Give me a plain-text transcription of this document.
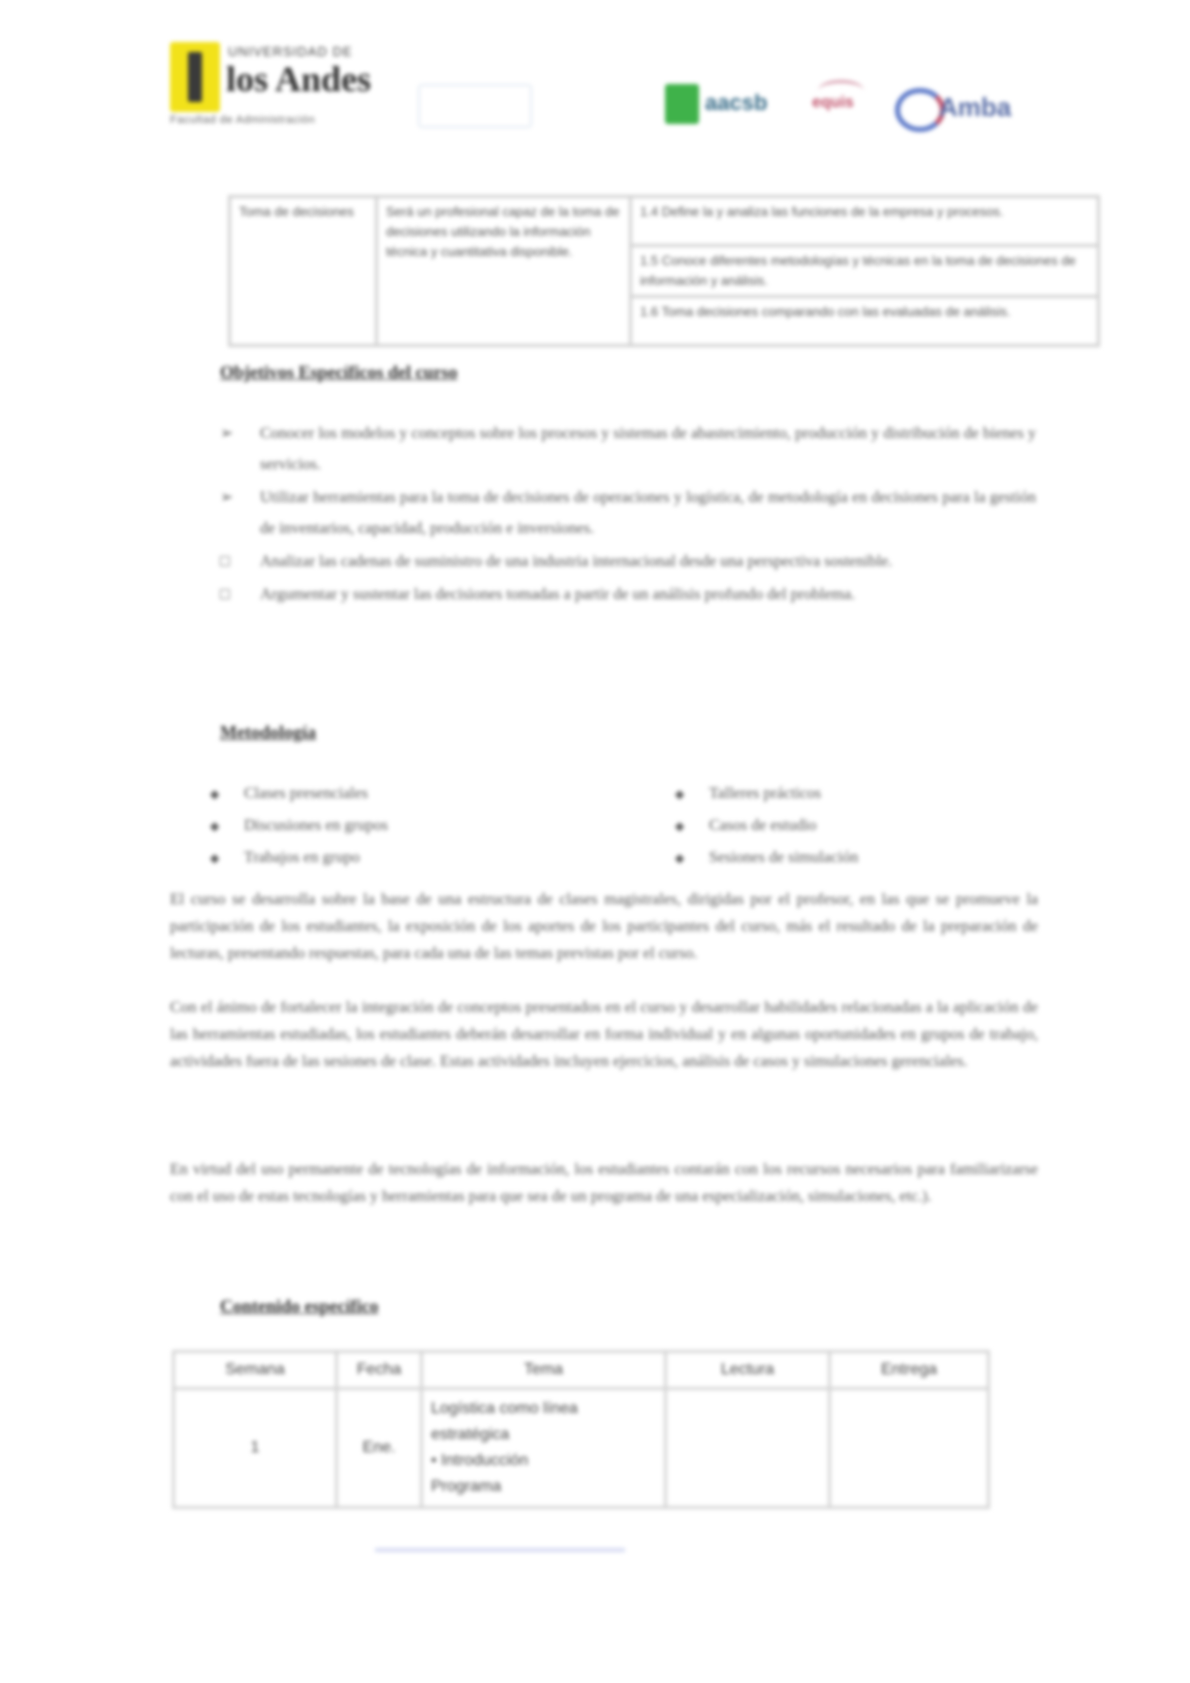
UNIVERSIDAD DE
los Andes
Facultad de Administración
aacsb	equis	Amba
Toma de decisiones	Será un profesional capaz de la toma de decisiones utilizando la información técnica y cuantitativa disponible.	1.4 Define la y analiza las funciones de la empresa y procesos.
1.5 Conoce diferentes metodologías y técnicas en la toma de decisiones de información y análisis.
1.6 Toma decisiones comparando con las evaluadas de análisis.
Objetivos Específicos del curso
➢ Conocer los modelos y conceptos sobre los procesos y sistemas de abastecimiento, producción y distribución de bienes y servicios.
➢ Utilizar herramientas para la toma de decisiones de operaciones y logística, de metodología en decisiones para la gestión de inventarios, capacidad, producción e inversiones.
□ Analizar las cadenas de suministro de una industria internacional desde una perspectiva sostenible.
□ Argumentar y sustentar las decisiones tomadas a partir de un análisis profundo del problema.
Metodología
◆ Clases presenciales
◆ Discusiones en grupos
◆ Trabajos en grupo
◆ Talleres prácticos
◆ Casos de estudio
◆ Sesiones de simulación

El curso se desarrolla sobre la base de una estructura de clases magistrales, dirigidas por el profesor, en las que se promueve la participación de los estudiantes, la exposición de los aportes de los participantes del curso, más el resultado de la preparación de lecturas, presentando respuestas, para cada una de las temas previstas por el curso.

Con el ánimo de fortalecer la integración de conceptos presentados en el curso y desarrollar habilidades relacionadas a la aplicación de las herramientas estudiadas, los estudiantes deberán desarrollar en forma individual y en algunas oportunidades en grupos de trabajo, actividades fuera de las sesiones de clase. Estas actividades incluyen ejercicios, análisis de casos y simulaciones gerenciales.

En virtud del uso permanente de tecnologías de información, los estudiantes contarán con los recursos necesarios para familiarizarse con el uso de estas tecnologías y herramientas para que sea de un programa de una especialización, simulaciones, etc.).

Contenido específico
Semana	Fecha	Tema	Lectura	Entrega
1	Ene.	Logística como línea estratégica
• Introducción
Programa		
